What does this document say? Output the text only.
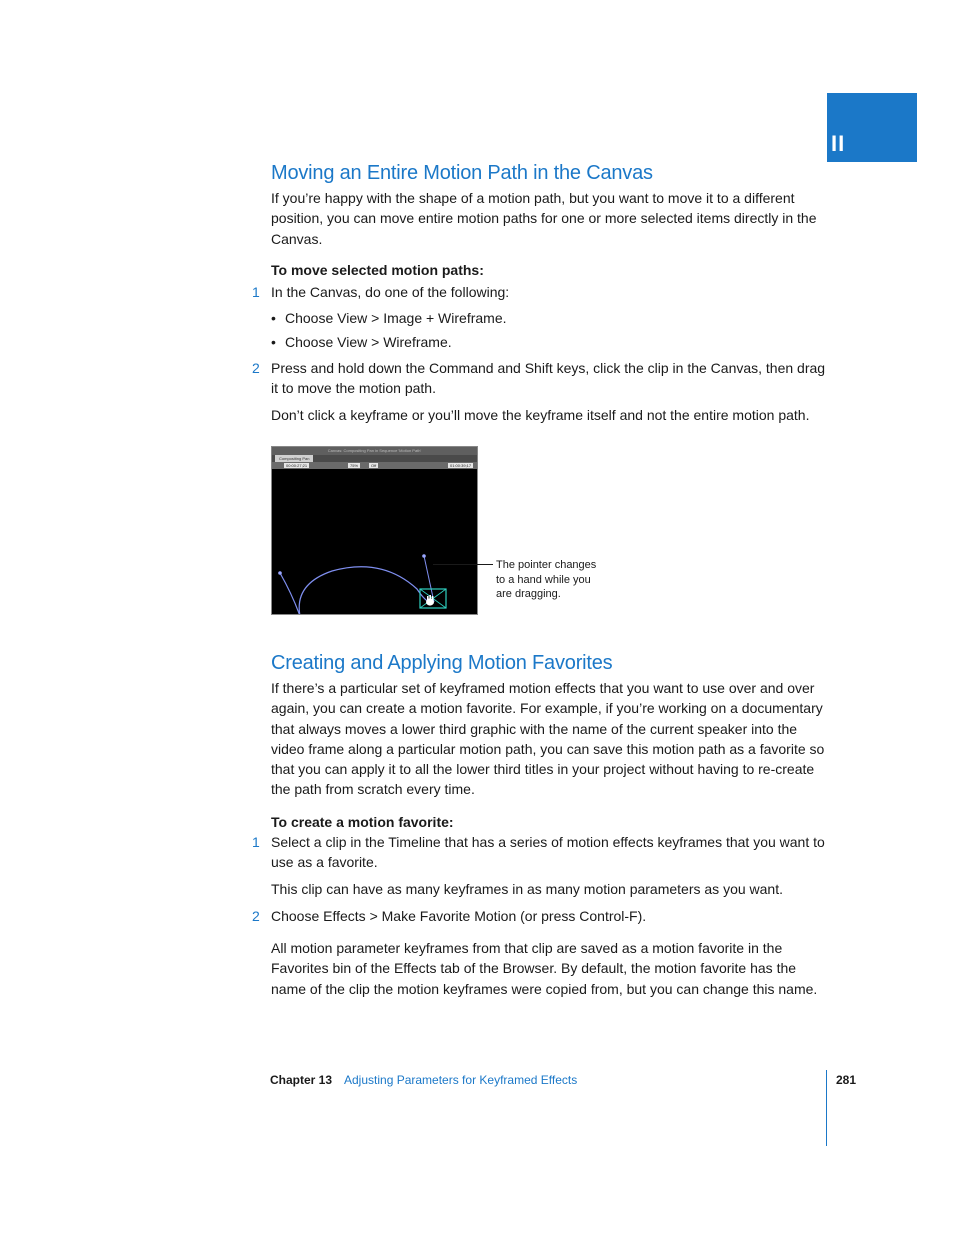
II
Moving an Entire Motion Path in the Canvas

If you’re happy with the shape of a motion path, but you want to move it to a different position, you can move entire motion paths for one or more selected items directly in the Canvas.

To move selected motion paths:

1 In the Canvas, do one of the following:

• Choose View > Image + Wireframe.
• Choose View > Wireframe.
2 Press and hold down the Command and Shift keys, click the clip in the Canvas, then drag it to move the motion path.

Don’t click a keyframe or you’ll move the keyframe itself and not the entire motion path.

Canvas: Compositing Pan in Sequence 'Motion Path'
Compositing Pan
00:00:27;21	75%	Off	01:00:39;17
The pointer changes to a hand while you are dragging.
Creating and Applying Motion Favorites

If there’s a particular set of keyframed motion effects that you want to use over and over again, you can create a motion favorite. For example, if you’re working on a documentary that always moves a lower third graphic with the name of the current speaker into the video frame along a particular motion path, you can save this motion path as a favorite so that you can apply it to all the lower third titles in your project without having to re-create the path from scratch every time.

To create a motion favorite:

1 Select a clip in the Timeline that has a series of motion effects keyframes that you want to use as a favorite.

This clip can have as many keyframes in as many motion parameters as you want.

2 Choose Effects > Make Favorite Motion (or press Control-F).

All motion parameter keyframes from that clip are saved as a motion favorite in the Favorites bin of the Effects tab of the Browser. By default, the motion favorite has the name of the clip the motion keyframes were copied from, but you can change this name.

Chapter 13 Adjusting Parameters for Keyframed Effects	281
